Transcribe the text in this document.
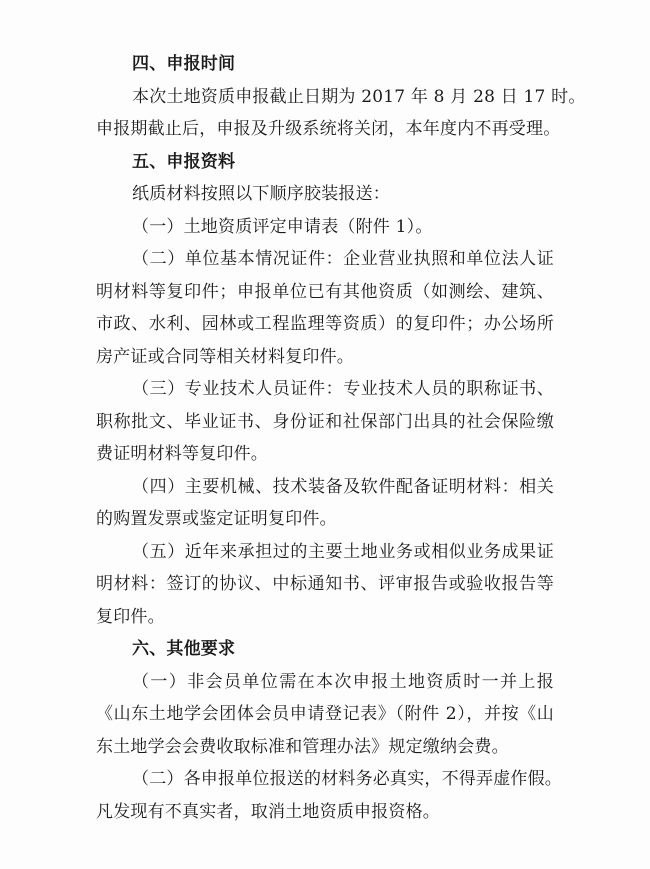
四、申报时间
本次土地资质申报截止日期为 2017 年 8 月 28 日 17 时。
申报期截止后，申报及升级系统将关闭，本年度内不再受理。
五、申报资料
纸质材料按照以下顺序胶装报送：
（一）土地资质评定申请表（附件 1）。
（二）单位基本情况证件：企业营业执照和单位法人证
明材料等复印件；申报单位已有其他资质（如测绘、建筑、
市政、水利、园林或工程监理等资质）的复印件；办公场所
房产证或合同等相关材料复印件。
（三）专业技术人员证件：专业技术人员的职称证书、
职称批文、毕业证书、身份证和社保部门出具的社会保险缴
费证明材料等复印件。
（四）主要机械、技术装备及软件配备证明材料：相关
的购置发票或鉴定证明复印件。
（五）近年来承担过的主要土地业务或相似业务成果证
明材料：签订的协议、中标通知书、评审报告或验收报告等
复印件。
六、其他要求
（一）非会员单位需在本次申报土地资质时一并上报
《山东土地学会团体会员申请登记表》（附件 2），并按《山
东土地学会会费收取标准和管理办法》规定缴纳会费。
（二）各申报单位报送的材料务必真实，不得弄虚作假。
凡发现有不真实者，取消土地资质申报资格。
